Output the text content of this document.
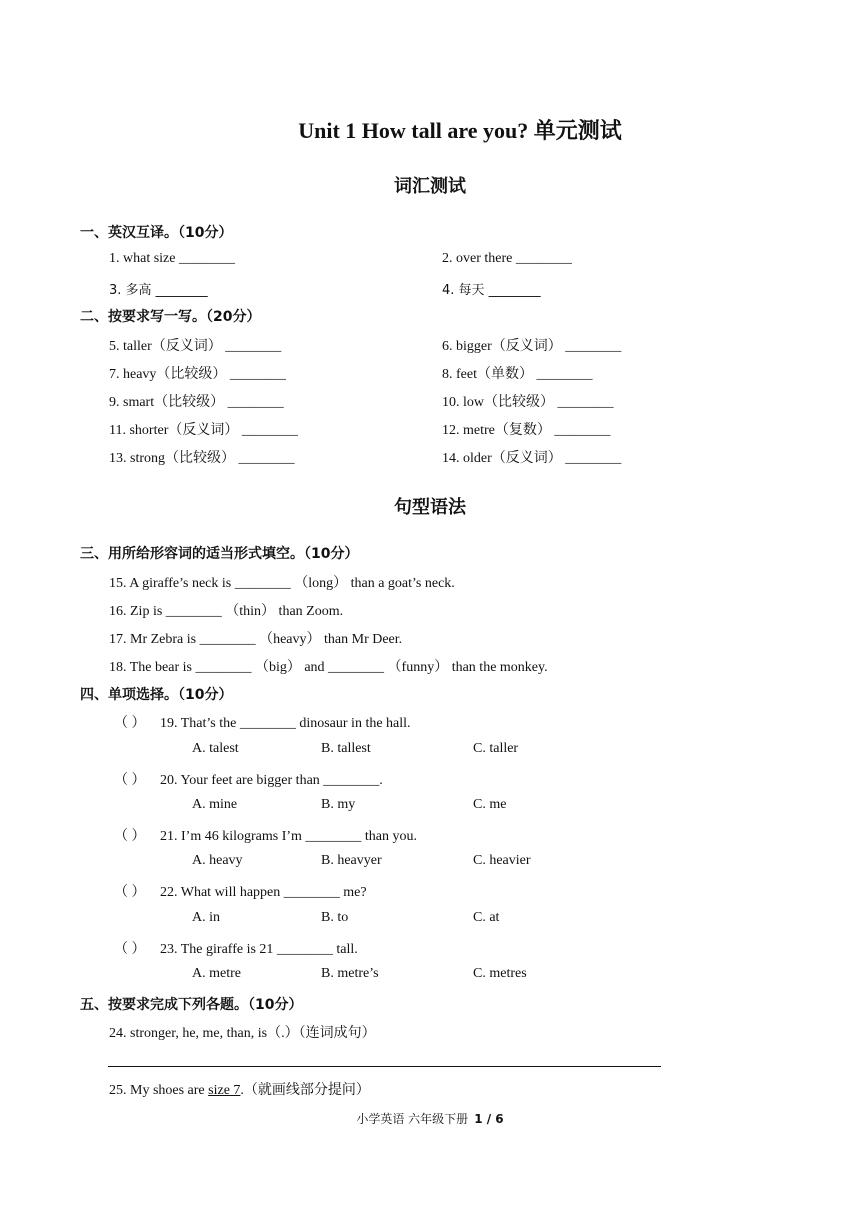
Unit 1 How tall are you? 单元测试
词汇测试
一、英汉互译。（10分）
1. what size ________	2. over there ________
3. 多高 ________	4. 每天 ________
二、按要求写一写。（20分）
5. taller（反义词） ________	6. bigger（反义词） ________
7. heavy（比较级） ________	8. feet（单数） ________
9. smart（比较级） ________	10. low（比较级） ________
11. shorter（反义词） ________	12. metre（复数） ________
13. strong（比较级） ________	14. older（反义词） ________
句型语法
三、用所给形容词的适当形式填空。（10分）
15. A giraffe’s neck is ________ （long） than a goat’s neck.
16. Zip is ________ （thin） than Zoom.
17. Mr Zebra is ________ （heavy） than Mr Deer.
18. The bear is ________ （big） and ________ （funny） than the monkey.
四、单项选择。（10分）
（ ） 19. That’s the ________ dinosaur in the hall.
A. talest	B. tallest	C. taller
（ ） 20. Your feet are bigger than ________.
A. mine	B. my	C. me
（ ） 21. I’m 46 kilograms I’m ________ than you.
A. heavy	B. heavyer	C. heavier
（ ） 22. What will happen ________ me?
A. in	B. to	C. at
（ ） 23. The giraffe is 21 ________ tall.
A. metre	B. metre’s	C. metres
五、按要求完成下列各题。（10分）
24. stronger, he, me, than, is（.）（连词成句）
25. My shoes are size 7.（就画线部分提问）
小学英语 六年级下册 1 / 6
